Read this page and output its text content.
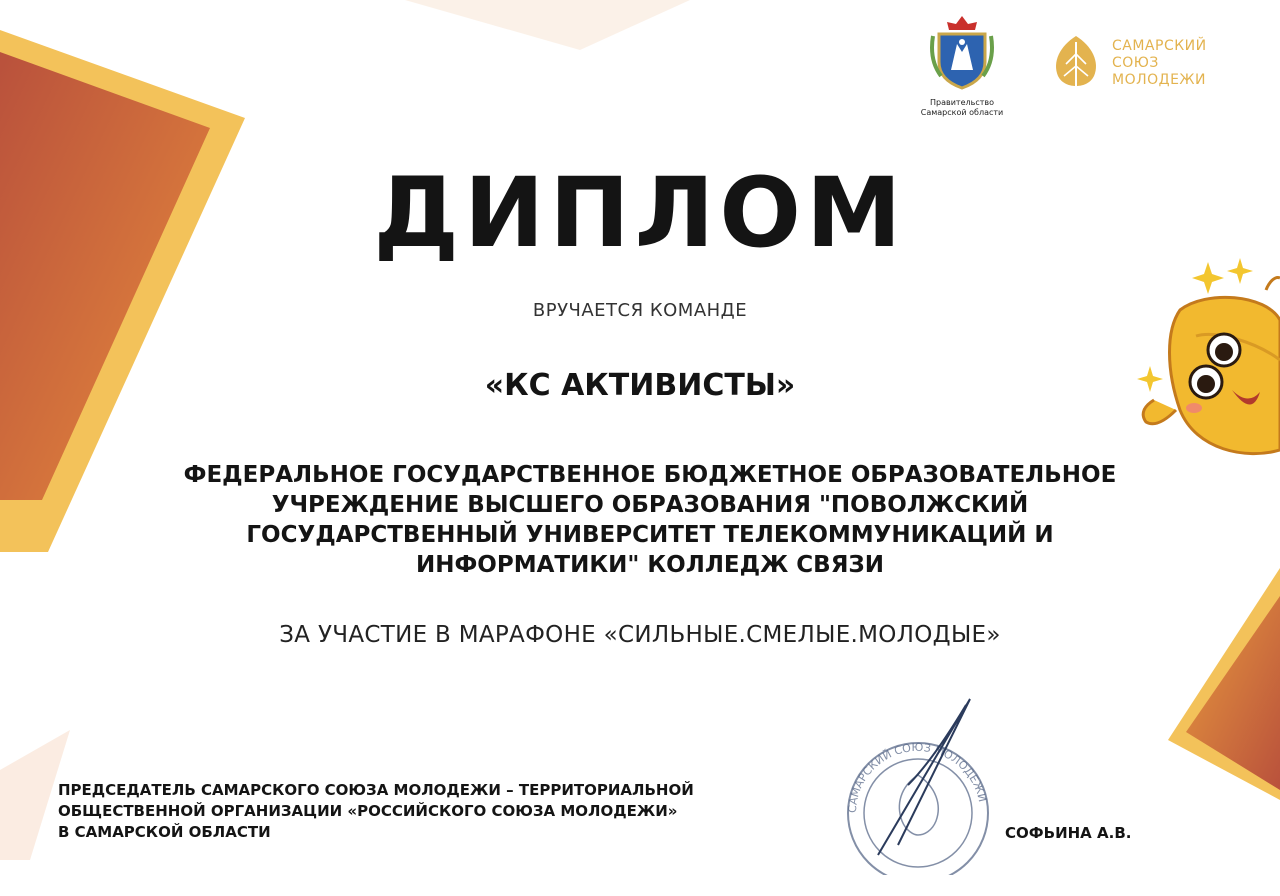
Правительство
Самарской области
САМАРСКИЙ
СОЮЗ
МОЛОДЕЖИ
ДИПЛОМ
ВРУЧАЕТСЯ КОМАНДЕ
«КС АКТИВИСТЫ»
ФЕДЕРАЛЬНОЕ ГОСУДАРСТВЕННОЕ БЮДЖЕТНОЕ ОБРАЗОВАТЕЛЬНОЕ
УЧРЕЖДЕНИЕ ВЫСШЕГО ОБРАЗОВАНИЯ "ПОВОЛЖСКИЙ
ГОСУДАРСТВЕННЫЙ УНИВЕРСИТЕТ ТЕЛЕКОММУНИКАЦИЙ И
ИНФОРМАТИКИ" КОЛЛЕДЖ СВЯЗИ
ЗА УЧАСТИЕ В МАРАФОНЕ «СИЛЬНЫЕ.СМЕЛЫЕ.МОЛОДЫЕ»
ПРЕДСЕДАТЕЛЬ САМАРСКОГО СОЮЗА МОЛОДЕЖИ – ТЕРРИТОРИАЛЬНОЙ
ОБЩЕСТВЕННОЙ ОРГАНИЗАЦИИ «РОССИЙСКОГО СОЮЗА МОЛОДЕЖИ»
В САМАРСКОЙ ОБЛАСТИ
САМАРСКИЙ СОЮЗ МОЛОДЕЖИ
СОФЬИНА А.В.
